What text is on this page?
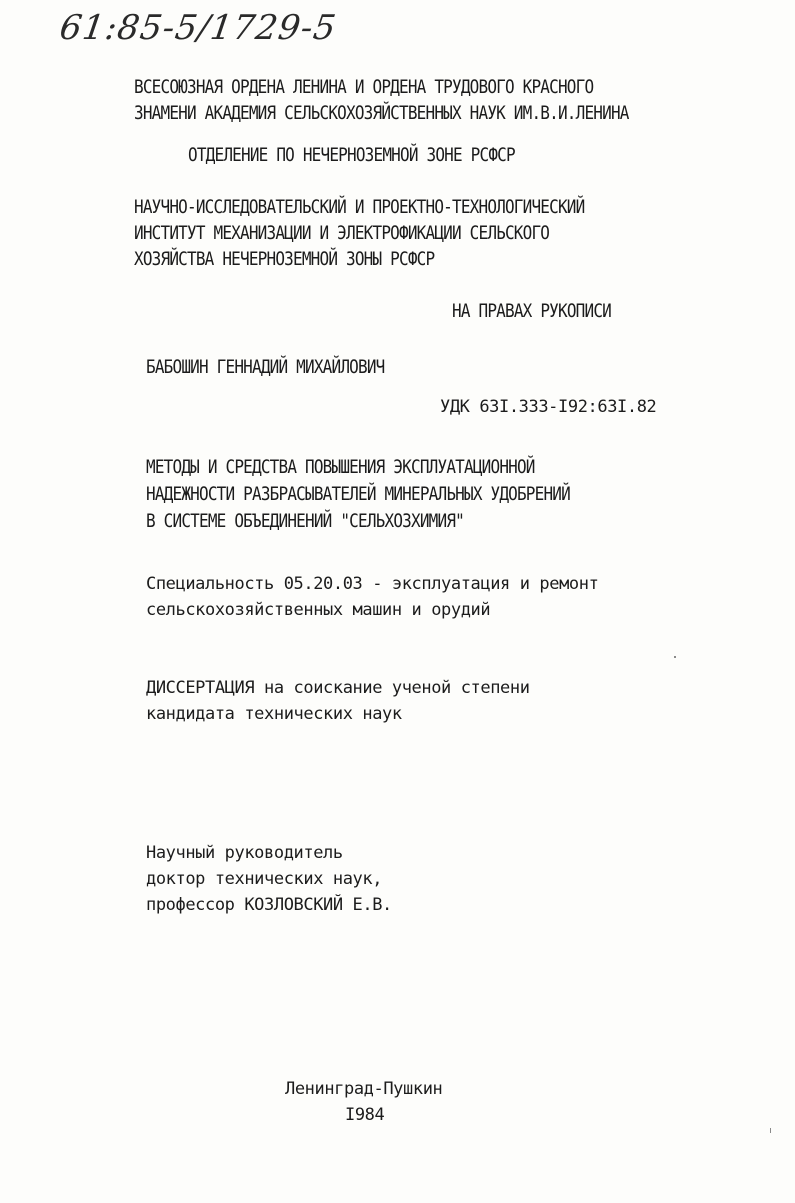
61:85-5/1729-5
ВСЕСОЮЗНАЯ ОРДЕНА ЛЕНИНА И ОРДЕНА ТРУДОВОГО КРАСНОГО
ЗНАМЕНИ АКАДЕМИЯ СЕЛЬСКОХОЗЯЙСТВЕННЫХ НАУК ИМ.В.И.ЛЕНИНА
ОТДЕЛЕНИЕ ПО НЕЧЕРНОЗЕМНОЙ ЗОНЕ РСФСР
НАУЧНО-ИССЛЕДОВАТЕЛЬСКИЙ И ПРОЕКТНО-ТЕХНОЛОГИЧЕСКИЙ
ИНСТИТУТ МЕХАНИЗАЦИИ И ЭЛЕКТРОФИКАЦИИ СЕЛЬСКОГО
ХОЗЯЙСТВА НЕЧЕРНОЗЕМНОЙ ЗОНЫ РСФСР
НА ПРАВАХ РУКОПИСИ
БАБОШИН ГЕННАДИЙ МИХАЙЛОВИЧ
УДК 63I.333-I92:63I.82
МЕТОДЫ И СРЕДСТВА ПОВЫШЕНИЯ ЭКСПЛУАТАЦИОННОЙ
НАДЕЖНОСТИ РАЗБРАСЫВАТЕЛЕЙ МИНЕРАЛЬНЫХ УДОБРЕНИЙ
В СИСТЕМЕ ОБЪЕДИНЕНИЙ "СЕЛЬХОЗХИМИЯ"
Специальность 05.20.03 - эксплуатация и ремонт
сельскохозяйственных машин и орудий
ДИССЕРТАЦИЯ на соискание ученой степени
кандидата технических наук
Научный руководитель
доктор технических наук,
профессор КОЗЛОВСКИЙ Е.В.
Ленинград-Пушкин
I984
